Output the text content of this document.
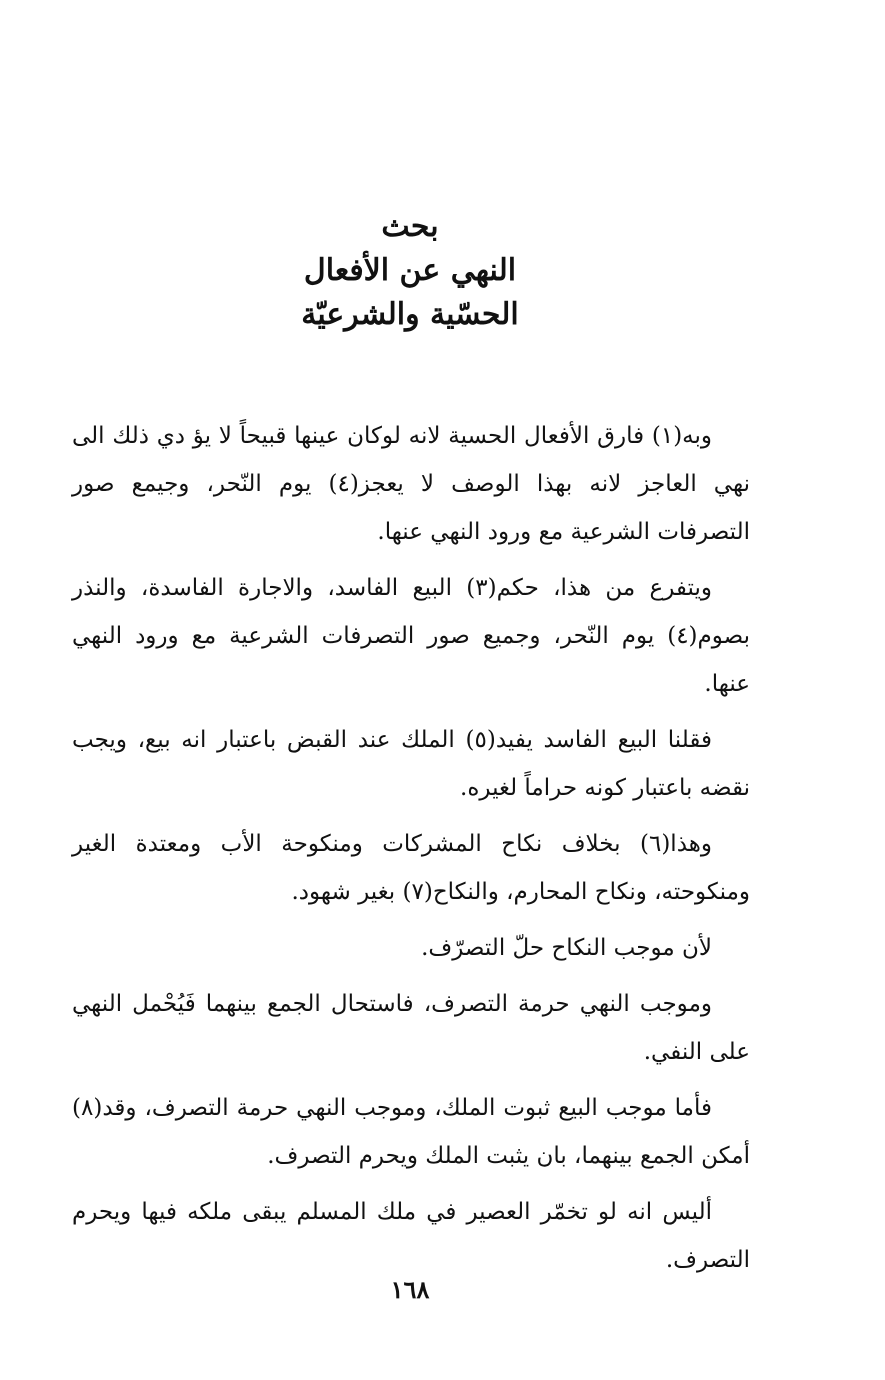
بحث
النهي عن الأفعال
الحسّية والشرعيّة

وبه(١) فارق الأفعال الحسية لانه لوكان عينها قبيحاً لا يؤ دي ذلك الى نهي العاجز لانه بهذا الوصف لا يعجز(٤) يوم النّحر، وجيمع صور التصرفات الشرعية مع ورود النهي عنها.

ويتفرع من هذا، حكم(٣) البيع الفاسد، والاجارة الفاسدة، والنذر بصوم(٤) يوم النّحر، وجميع صور التصرفات الشرعية مع ورود النهي عنها.

فقلنا البيع الفاسد يفيد(٥) الملك عند القبض باعتبار انه بيع، ويجب نقضه باعتبار كونه حراماً لغيره.

وهذا(٦) بخلاف نكاح المشركات ومنكوحة الأب ومعتدة الغير ومنكوحته، ونكاح المحارم، والنكاح(٧) بغير شهود.

لأن موجب النكاح حلّ التصرّف.

وموجب النهي حرمة التصرف، فاستحال الجمع بينهما فَيُحْمل النهي على النفي.

فأما موجب البيع ثبوت الملك، وموجب النهي حرمة التصرف، وقد(٨) أمكن الجمع بينهما، بان يثبت الملك ويحرم التصرف.

أليس انه لو تخمّر العصير في ملك المسلم يبقى ملكه فيها ويحرم التصرف.

١٦٨
